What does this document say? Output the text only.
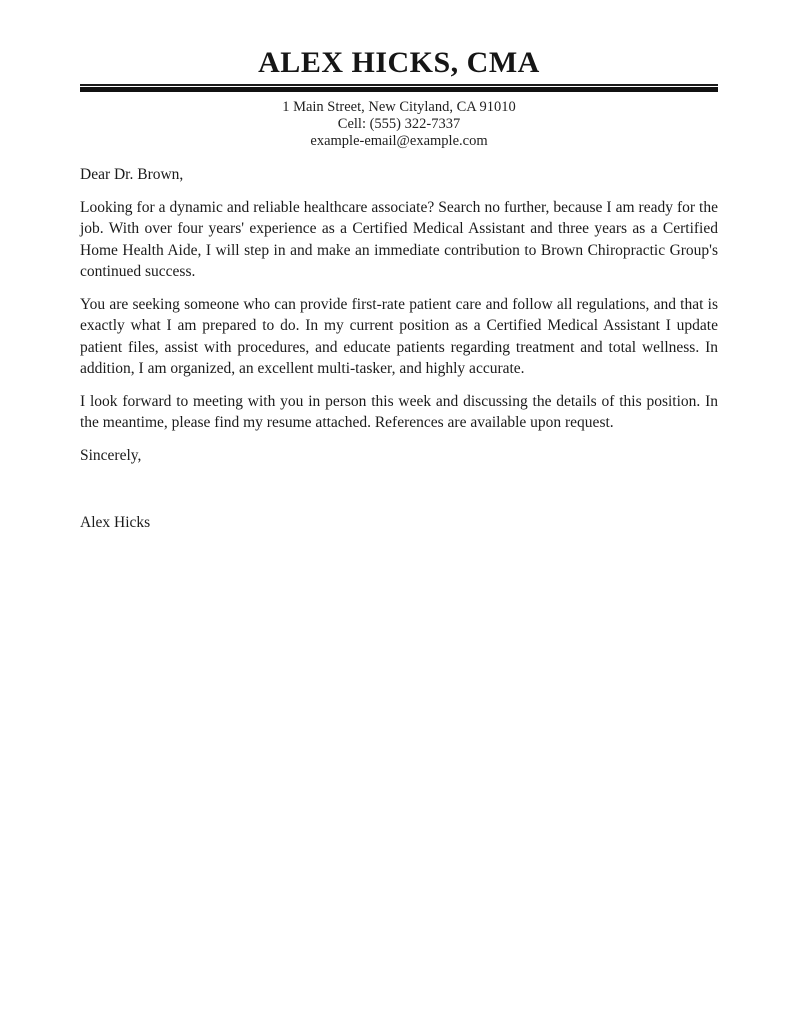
ALEX HICKS, CMA
1 Main Street, New Cityland, CA 91010
Cell: (555) 322-7337
example-email@example.com

Dear Dr. Brown,

Looking for a dynamic and reliable healthcare associate? Search no further, because I am ready for the job. With over four years' experience as a Certified Medical Assistant and three years as a Certified Home Health Aide, I will step in and make an immediate contribution to Brown Chiropractic Group's continued success.

You are seeking someone who can provide first-rate patient care and follow all regulations, and that is exactly what I am prepared to do. In my current position as a Certified Medical Assistant I update patient files, assist with procedures, and educate patients regarding treatment and total wellness. In addition, I am organized, an excellent multi-tasker, and highly accurate.

I look forward to meeting with you in person this week and discussing the details of this position. In the meantime, please find my resume attached. References are available upon request.

Sincerely,

Alex Hicks
